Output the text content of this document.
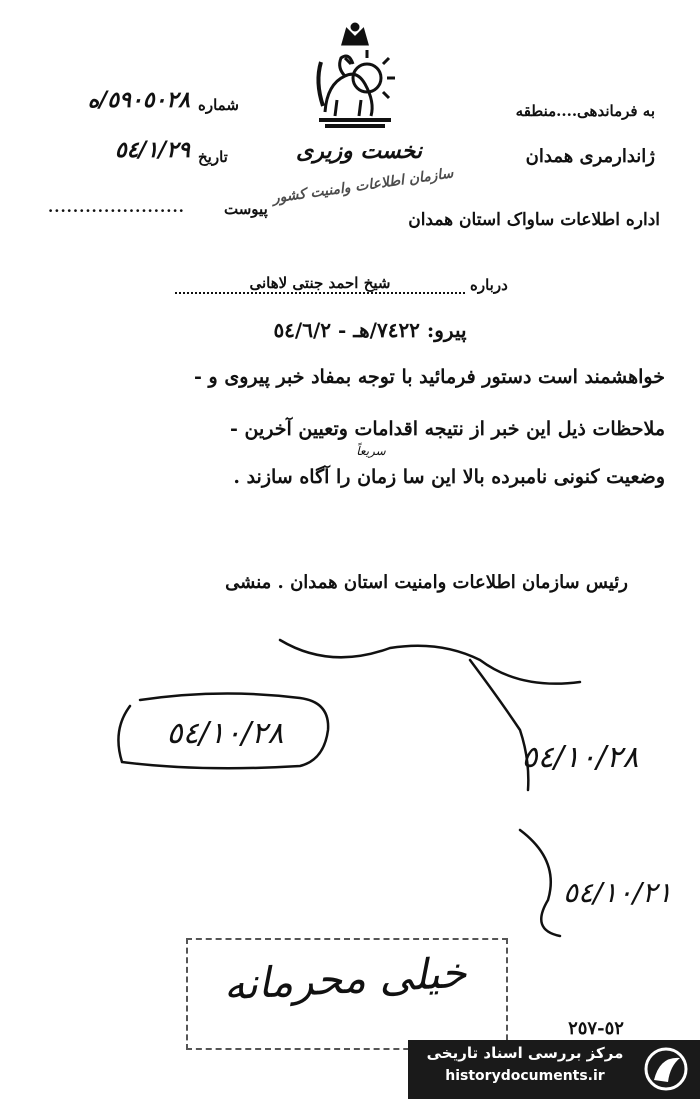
نخست وزیری
شماره
٥٩٠٥٠٢٨/ه
تاریخ
٥٤/١/٢٩
پیوست
......................
به فرماندهی....منطقه
ژاندارمری همدان
اداره اطلاعات ساواک استان همدان
سازمان اطلاعات وامنیت کشور
درباره
شیخ احمد جنتی لاهانی
پیرو: ٧٤٢٢/هـ - ٥٤/٦/٢
خواهشمند است دستور فرمائید با توجه بمفاد خبر پیروی و -
ملاحظات ذیل این خبر از نتیجه اقدامات وتعیین آخرین -
سریعاً
وضعیت کنونی نامبرده بالا این سا زمان را آگاه سازند .
رئیس سازمان اطلاعات وامنیت استان همدان . منشی
٥٤/١٠/٢٨
٥٤/١٠/٢٨
٥٤/١٠/٢١
خیلی محرمانه
٥٢-٢٥٧
مرکز بررسی اسناد تاریخی
historydocuments.ir
